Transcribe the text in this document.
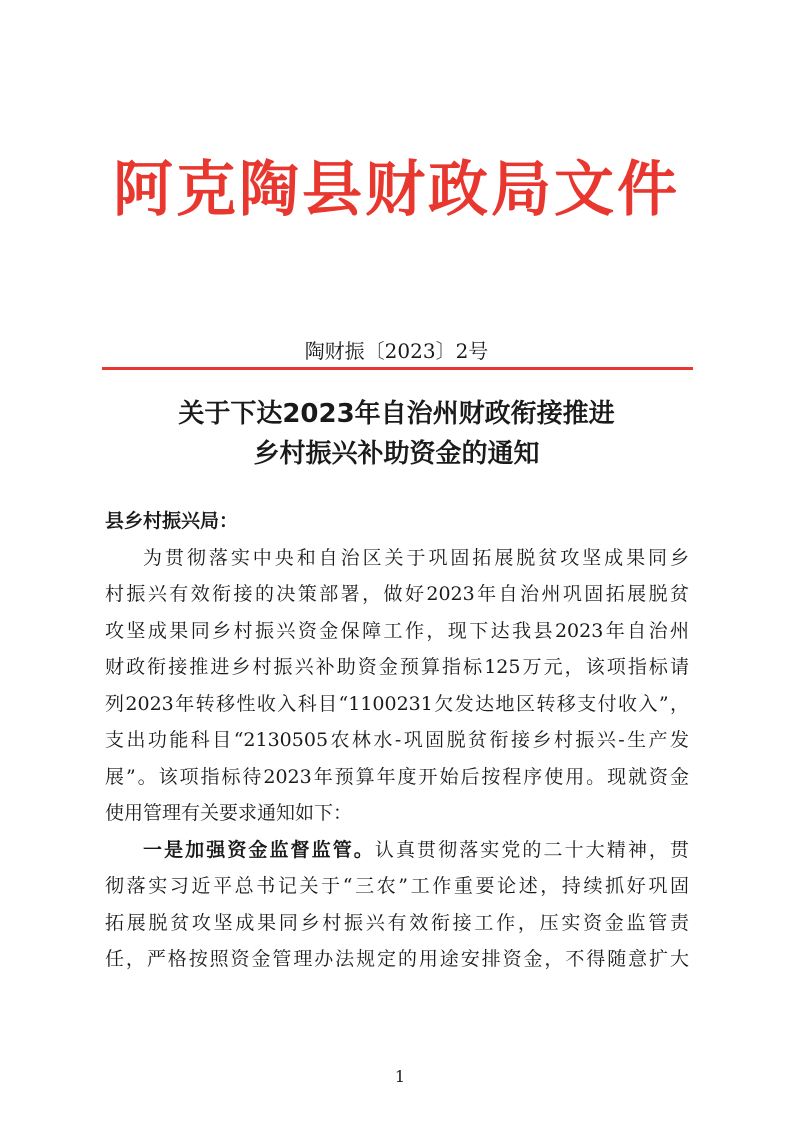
阿克陶县财政局文件
陶财振〔2023〕2号
关于下达2023年自治州财政衔接推进
乡村振兴补助资金的通知
县乡村振兴局：
为贯彻落实中央和自治区关于巩固拓展脱贫攻坚成果同乡
村振兴有效衔接的决策部署，做好2023年自治州巩固拓展脱贫
攻坚成果同乡村振兴资金保障工作，现下达我县2023年自治州
财政衔接推进乡村振兴补助资金预算指标125万元，该项指标请
列2023年转移性收入科目“1100231欠发达地区转移支付收入”，
支出功能科目“2130505农林水-巩固脱贫衔接乡村振兴-生产发
展”。该项指标待2023年预算年度开始后按程序使用。现就资金
使用管理有关要求通知如下：
一是加强资金监督监管。认真贯彻落实党的二十大精神，贯
彻落实习近平总书记关于“三农”工作重要论述，持续抓好巩固
拓展脱贫攻坚成果同乡村振兴有效衔接工作，压实资金监管责
任，严格按照资金管理办法规定的用途安排资金，不得随意扩大
1
